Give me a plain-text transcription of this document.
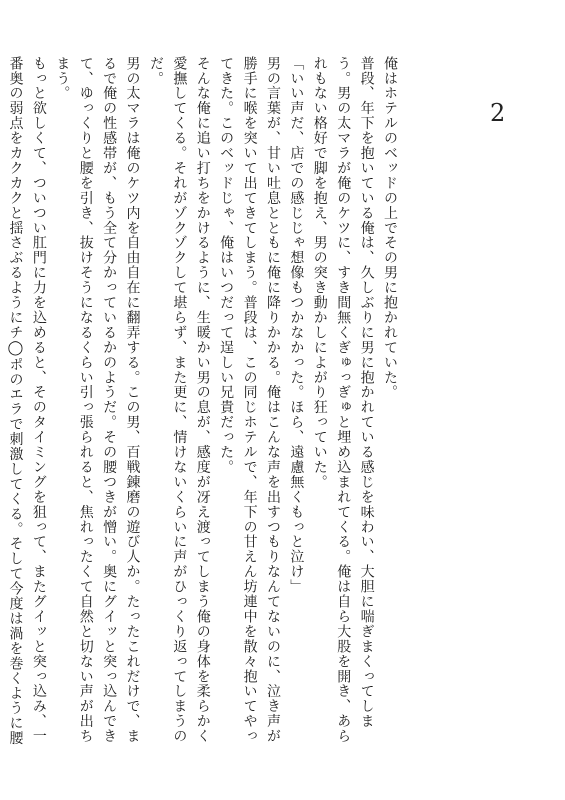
2

俺はホテルのベッドの上でその男に抱かれていた。

普段、年下を抱いている俺は、久しぶりに男に抱かれている感じを味わい、大胆に喘ぎまくってしまう。男の太マラが俺のケツに、すき間無くぎゅっぎゅと埋め込まれてくる。俺は自ら大股を開き、あられもない格好で脚を抱え、男の突き動かしによがり狂っていた。

「いい声だ、店での感じじゃ想像もつかなかった。ほら、遠慮無くもっと泣け」

男の言葉が、甘い吐息とともに俺に降りかかる。俺はこんな声を出すつもりなんてないのに、泣き声が勝手に喉を突いて出てきてしまう。普段は、この同じホテルで、年下の甘えん坊連中を散々抱いてやってきた。このベッドじゃ、俺はいつだって逞しい兄貴だった。

そんな俺に追い打ちをかけるように、生暖かい男の息が、感度が冴え渡ってしまう俺の身体を柔らかく愛撫してくる。それがゾクゾクして堪らず、また更に、情けないくらいに声がひっくり返ってしまうのだ。

男の太マラは俺のケツ内を自由自在に翻弄する。この男、百戦錬磨の遊び人か。たったこれだけで、まるで俺の性感帯が、もう全て分かっているかのようだ。その腰つきが憎い。奥にグイッと突っ込んできて、ゆっくりと腰を引き、抜けそうになるくらい引っ張られると、焦れったくて自然と切ない声が出ちまう。

もっと欲しくて、ついつい肛門に力を込めると、そのタイミングを狙って、またグイッと突っ込み、一番奥の弱点をカクカクと揺さぶるようにチ◯ポのエラで刺激してくる。そして今度は渦を巻くように腰
